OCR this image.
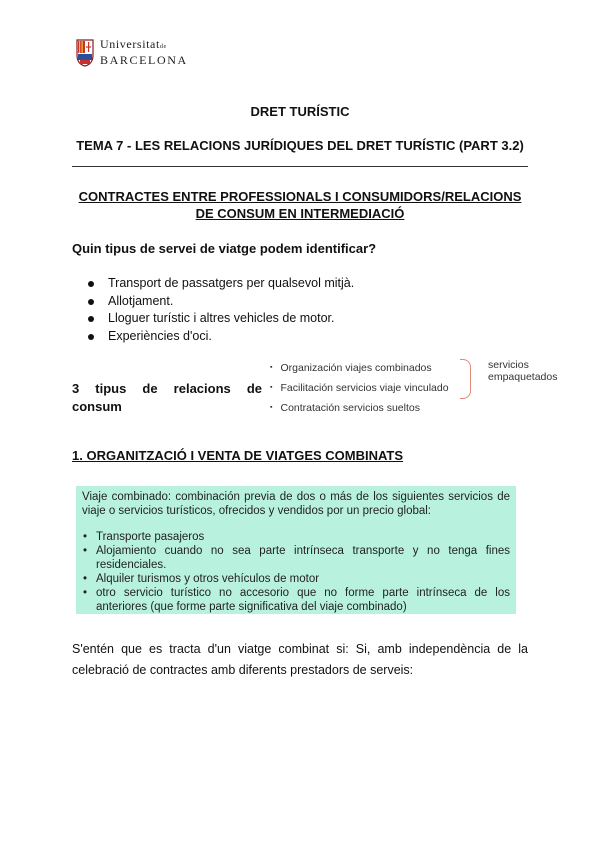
Universitatde
BARCELONA
DRET TURÍSTIC
TEMA 7 - LES RELACIONS JURÍDIQUES DEL DRET TURÍSTIC (PART 3.2)
CONTRACTES ENTRE PROFESSIONALS I CONSUMIDORS/RELACIONS DE CONSUM EN INTERMEDIACIÓ
Quin tipus de servei de viatge podem identificar?
Transport de passatgers per qualsevol mitjà.
Allotjament.
Lloguer turístic i altres vehicles de motor.
Experiències d'oci.
3 tipus de relacions de
consum
▪ Organización viajes combinados
▪ Facilitación servicios viaje vinculado
▪ Contratación servicios sueltos
servicios empaquetados
1. ORGANITZACIÓ I VENTA DE VIATGES COMBINATS

Viaje combinado: combinación previa de dos o más de los siguientes servicios de viaje o servicios turísticos, ofrecidos y vendidos por un precio global:

• Transporte pasajeros
• Alojamiento cuando no sea parte intrínseca transporte y no tenga fines residenciales.
• Alquiler turismos y otros vehículos de motor
• otro servicio turístico no accesorio que no forme parte intrínseca de los anteriores (que forme parte significativa del viaje combinado)
S'entén que es tracta d'un viatge combinat si: Si, amb independència de la celebració de contractes amb diferents prestadors de serveis:
